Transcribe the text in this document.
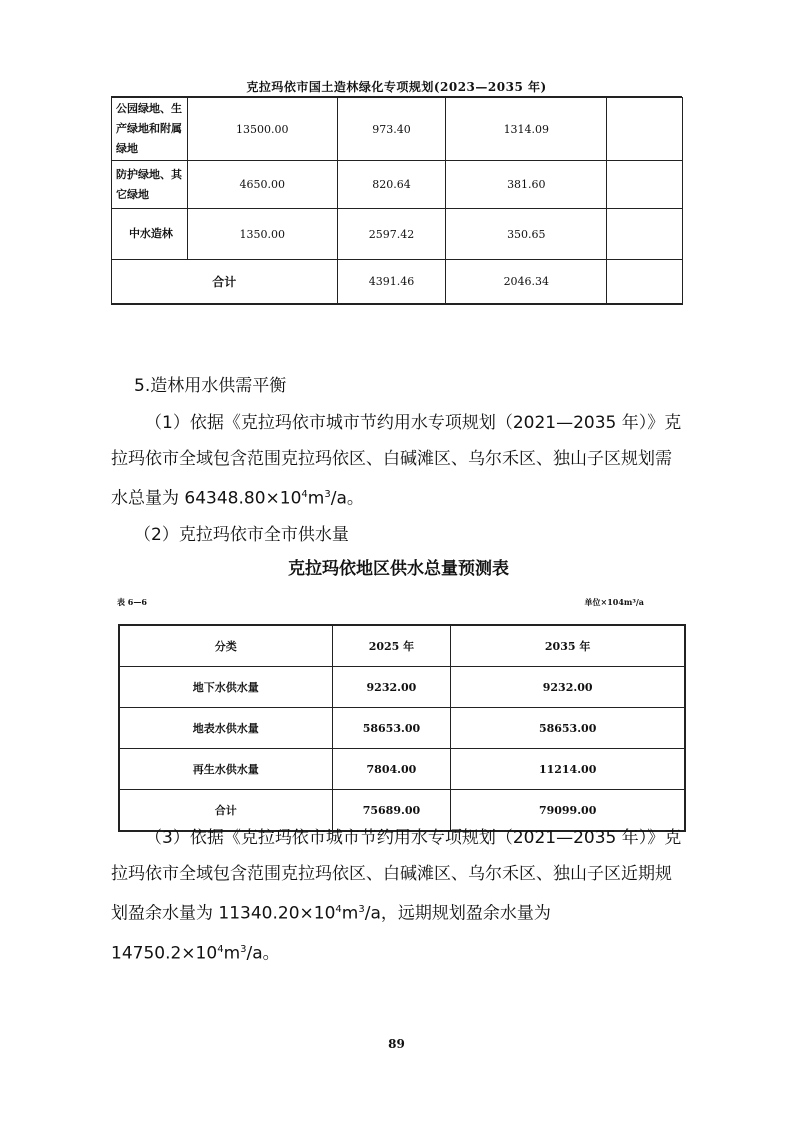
克拉玛依市国土造林绿化专项规划(2023—2035 年)
公园绿地、生产绿地和附属绿地	13500.00	973.40	1314.09	
防护绿地、其它绿地	4650.00	820.64	381.60	
中水造林	1350.00	2597.42	350.65	
合计		4391.46	2046.34	
5.造林用水供需平衡
（1）依据《克拉玛依市城市节约用水专项规划（2021—2035 年）》克拉玛依市全域包含范围克拉玛依区、白碱滩区、乌尔禾区、独山子区规划需水总量为 $64348.80\times 10^4m^3/a$。
（2）克拉玛依市全市供水量
克拉玛依地区供水总量预测表
表 6—6	单位×104m³/a
分类	2025 年	2035 年
地下水供水量	9232.00	9232.00
地表水供水量	58653.00	58653.00
再生水供水量	7804.00	11214.00
合计	75689.00	79099.00
（3）依据《克拉玛依市城市节约用水专项规划（2021—2035 年）》克拉玛依市全域包含范围克拉玛依区、白碱滩区、乌尔禾区、独山子区近期规划盈余水量为 $11340.20\times 10^4m^3/a$，远期规划盈余水量为 $14750.2\times 10^4m^3/a$。
89
